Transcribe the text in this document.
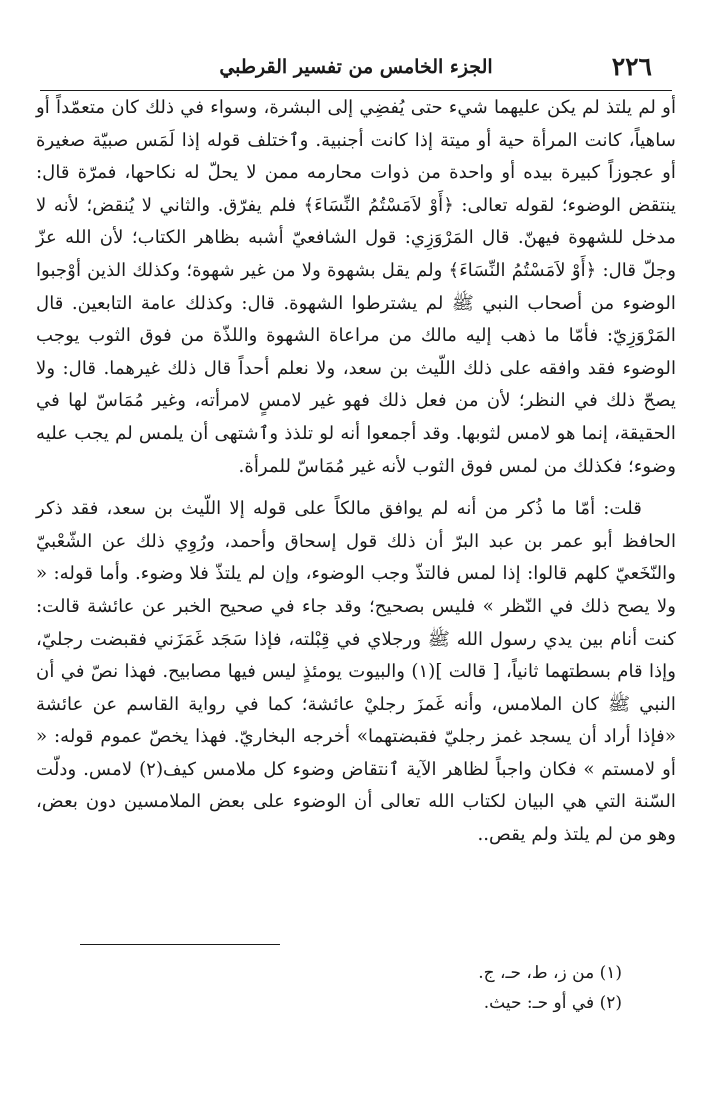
٢٢٦
الجزء الخامس من تفسير القرطبي

أو لم يلتذ لم يكن عليهما شيء حتى يُفضِي إلى البشرة، وسواء في ذلك كان متعمّداً أو ساهياً، كانت المرأة حية أو ميتة إذا كانت أجنبية. وٱختلف قوله إذا لَمَس صبيّة صغيرة أو عجوزاً كبيرة بيده أو واحدة من ذوات محارمه ممن لا يحلّ له نكاحها، فمرّة قال: ينتقض الوضوء؛ لقوله تعالى: ﴿أَوْ لاَمَسْتُمُ النِّسَاءَ﴾ فلم يفرّق. والثاني لا يُنقض؛ لأنه لا مدخل للشهوة فيهنّ. قال المَرْوَزِي: قول الشافعيّ أشبه بظاهر الكتاب؛ لأن الله عزّ وجلّ قال: ﴿أَوْ لاَمَسْتُمُ النِّسَاءَ﴾ ولم يقل بشهوة ولا من غير شهوة؛ وكذلك الذين أوْجبوا الوضوء من أصحاب النبي ﷺ لم يشترطوا الشهوة. قال: وكذلك عامة التابعين. قال المَرْوَزِيّ: فأمّا ما ذهب إليه مالك من مراعاة الشهوة واللذّة من فوق الثوب يوجب الوضوء فقد وافقه على ذلك اللّيث بن سعد، ولا نعلم أحداً قال ذلك غيرهما. قال: ولا يصحّ ذلك في النظر؛ لأن من فعل ذلك فهو غير لامسٍ لامرأته، وغير مُمَاسّ لها في الحقيقة، إنما هو لامس لثوبها. وقد أجمعوا أنه لو تلذذ وٱشتهى أن يلمس لم يجب عليه وضوء؛ فكذلك من لمس فوق الثوب لأنه غير مُمَاسّ للمرأة.

قلت: أمّا ما ذُكر من أنه لم يوافق مالكاً على قوله إلا اللّيث بن سعد، فقد ذكر الحافظ أبو عمر بن عبد البرّ أن ذلك قول إسحاق وأحمد، ورُوِي ذلك عن الشّعْبيّ والنّخَعيّ كلهم قالوا: إذا لمس فالتذّ وجب الوضوء، وإن لم يلتذّ فلا وضوء. وأما قوله: « ولا يصح ذلك في النّظر » فليس بصحيح؛ وقد جاء في صحيح الخبر عن عائشة قالت: كنت أنام بين يدي رسول الله ﷺ ورجلاي في قِبْلته، فإذا سَجَد غَمَزَني فقبضت رجليّ، وإذا قام بسطتهما ثانياً، [ قالت ](١) والبيوت يومئذٍ ليس فيها مصابيح. فهذا نصّ في أن النبي ﷺ كان الملامس، وأنه غَمزَ رجليْ عائشة؛ كما في رواية القاسم عن عائشة «فإذا أراد أن يسجد غمز رجليّ فقبضتهما» أخرجه البخاريّ. فهذا يخصّ عموم قوله: « أو لامستم » فكان واجباً لظاهر الآية ٱنتقاض وضوء كل ملامس كيف(٢) لامس. ودلّت السّنة التي هي البيان لكتاب الله تعالى أن الوضوء على بعض الملامسين دون بعض، وهو من لم يلتذ ولم يقص..

(١) من ز، ط، حـ، ج.

(٢) في أو حـ: حيث.
